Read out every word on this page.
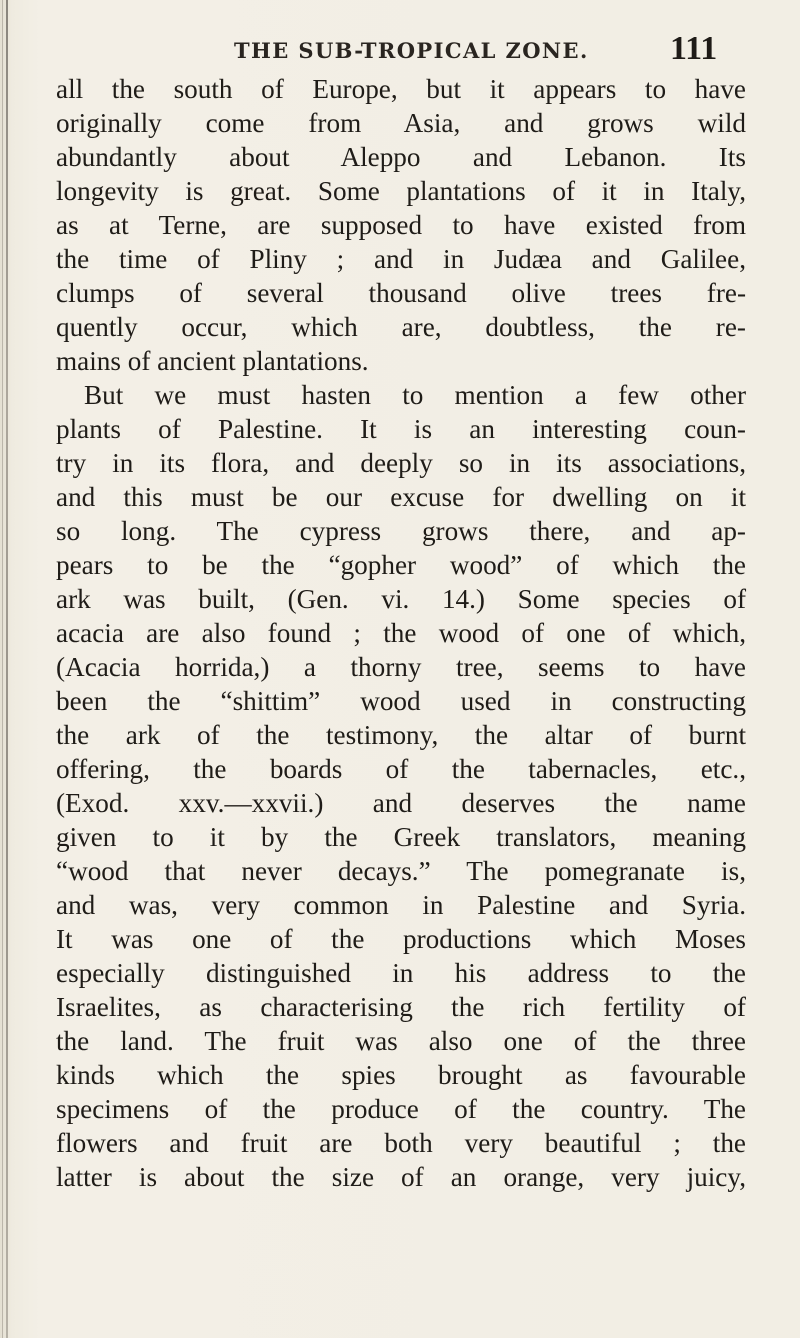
THE SUB-TROPICAL ZONE. 111
all the south of Europe, but it appears to have
originally come from Asia, and grows wild
abundantly about Aleppo and Lebanon. Its
longevity is great. Some plantations of it in Italy,
as at Terne, are supposed to have existed from
the time of Pliny ; and in Judæa and Galilee,
clumps of several thousand olive trees fre-
quently occur, which are, doubtless, the re-
mains of ancient plantations.
But we must hasten to mention a few other
plants of Palestine. It is an interesting coun-
try in its flora, and deeply so in its associations,
and this must be our excuse for dwelling on it
so long. The cypress grows there, and ap-
pears to be the “gopher wood” of which the
ark was built, (Gen. vi. 14.) Some species of
acacia are also found ; the wood of one of which,
(Acacia horrida,) a thorny tree, seems to have
been the “shittim” wood used in constructing
the ark of the testimony, the altar of burnt
offering, the boards of the tabernacles, etc.,
(Exod. xxv.—xxvii.) and deserves the name
given to it by the Greek translators, meaning
“wood that never decays.” The pomegranate is,
and was, very common in Palestine and Syria.
It was one of the productions which Moses
especially distinguished in his address to the
Israelites, as characterising the rich fertility of
the land. The fruit was also one of the three
kinds which the spies brought as favourable
specimens of the produce of the country. The
flowers and fruit are both very beautiful ; the
latter is about the size of an orange, very juicy,
